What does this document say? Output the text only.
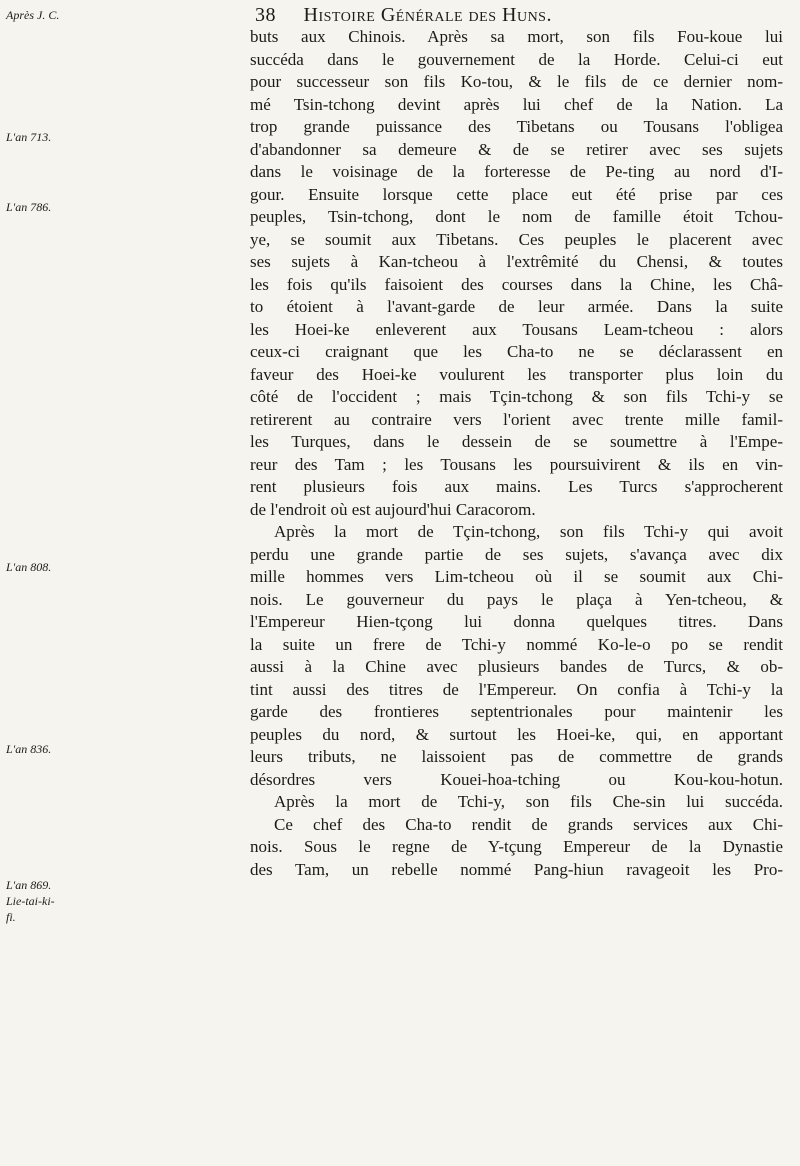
38 Histoire Générale des Huns.
Après J. C.
L'an 713.
L'an 786.
L'an 808.
L'an 836.
L'an 869.
Lie-tai-ki-
fi.
buts aux Chinois. Après sa mort, son fils Fou-koue lui
succéda dans le gouvernement de la Horde. Celui-ci eut
pour successeur son fils Ko-tou, & le fils de ce dernier nom-
mé Tsin-tchong devint après lui chef de la Nation. La
trop grande puissance des Tibetans ou Tousans l'obligea
d'abandonner sa demeure & de se retirer avec ses sujets
dans le voisinage de la forteresse de Pe-ting au nord d'I-
gour. Ensuite lorsque cette place eut été prise par ces
peuples, Tsin-tchong, dont le nom de famille étoit Tchou-
ye, se soumit aux Tibetans. Ces peuples le placerent avec
ses sujets à Kan-tcheou à l'extrêmité du Chensi, & toutes
les fois qu'ils faisoient des courses dans la Chine, les Châ-
to étoient à l'avant-garde de leur armée. Dans la suite
les Hoei-ke enleverent aux Tousans Leam-tcheou : alors
ceux-ci craignant que les Cha-to ne se déclarassent en
faveur des Hoei-ke voulurent les transporter plus loin du
côté de l'occident ; mais Tçin-tchong & son fils Tchi-y se
retirerent au contraire vers l'orient avec trente mille famil-
les Turques, dans le dessein de se soumettre à l'Empe-
reur des Tam ; les Tousans les poursuivirent & ils en vin-
rent plusieurs fois aux mains. Les Turcs s'approcherent
de l'endroit où est aujourd'hui Caracorom.
Après la mort de Tçin-tchong, son fils Tchi-y qui avoit
perdu une grande partie de ses sujets, s'avança avec dix
mille hommes vers Lim-tcheou où il se soumit aux Chi-
nois. Le gouverneur du pays le plaça à Yen-tcheou, &
l'Empereur Hien-tçong lui donna quelques titres. Dans
la suite un frere de Tchi-y nommé Ko-le-o po se rendit
aussi à la Chine avec plusieurs bandes de Turcs, & ob-
tint aussi des titres de l'Empereur. On confia à Tchi-y la
garde des frontieres septentrionales pour maintenir les
peuples du nord, & surtout les Hoei-ke, qui, en apportant
leurs tributs, ne laissoient pas de commettre de grands
désordres vers Kouei-hoa-tching ou Kou-kou-hotun.
Après la mort de Tchi-y, son fils Che-sin lui succéda.
Ce chef des Cha-to rendit de grands services aux Chi-
nois. Sous le regne de Y-tçung Empereur de la Dynastie
des Tam, un rebelle nommé Pang-hiun ravageoit les Pro-
